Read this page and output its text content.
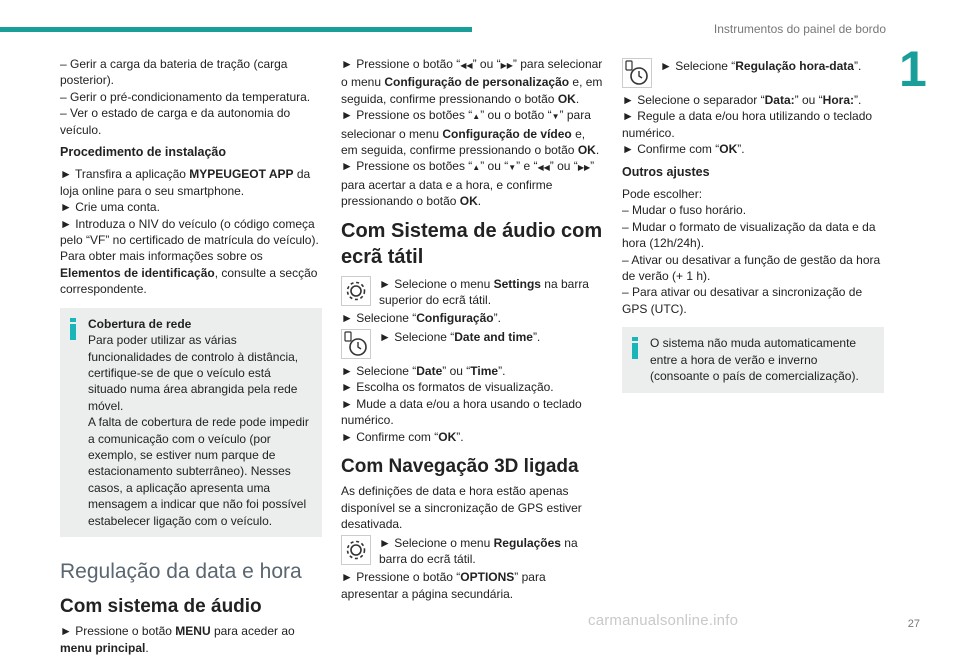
Instrumentos do painel de bordo
1

– Gerir a carga da bateria de tração (carga posterior).

– Gerir o pré-condicionamento da temperatura.

– Ver o estado de carga e da autonomia do veículo.

Procedimento de instalação

► Transfira a aplicação MYPEUGEOT APP da loja online para o seu smartphone.

► Crie uma conta.

► Introduza o NIV do veículo (o código começa pelo “VF” no certificado de matrícula do veículo).

Para obter mais informações sobre os Elementos de identificação, consulte a secção correspondente.

Cobertura de rede
Para poder utilizar as várias funcionalidades de controlo à distância, certifique-se de que o veículo está situado numa área abrangida pela rede móvel.
A falta de cobertura de rede pode impedir a comunicação com o veículo (por exemplo, se estiver num parque de estacionamento subterrâneo). Nesses casos, a aplicação apresenta uma mensagem a indicar que não foi possível estabelecer ligação com o veículo.
Regulação da data e hora
Com sistema de áudio

► Pressione o botão MENU para aceder ao menu principal.

► Pressione o botão “◀◀” ou “▶▶” para selecionar o menu Configuração de personalização e, em seguida, confirme pressionando o botão OK.

► Pressione os botões “▲” ou o botão “▼” para selecionar o menu Configuração de vídeo e, em seguida, confirme pressionando o botão OK.

► Pressione os botões “▲” ou “▼” e “◀◀” ou “▶▶” para acertar a data e a hora, e confirme pressionando o botão OK.

Com Sistema de áudio com ecrã tátil
► Selecione o menu Settings na barra superior do ecrã tátil.

► Selecione “Configuração”.

► Selecione “Date and time”.

► Selecione “Date” ou “Time”.

► Escolha os formatos de visualização.

► Mude a data e/ou a hora usando o teclado numérico.

► Confirme com “OK”.

Com Navegação 3D ligada

As definições de data e hora estão apenas disponível se a sincronização de GPS estiver desativada.

► Selecione o menu Regulações na barra do ecrã tátil.

► Pressione o botão “OPTIONS” para apresentar a página secundária.

► Selecione “Regulação hora-data”.

► Selecione o separador “Data:” ou “Hora:”.

► Regule a data e/ou hora utilizando o teclado numérico.

► Confirme com “OK”.

Outros ajustes

Pode escolher:

– Mudar o fuso horário.

– Mudar o formato de visualização da data e da hora (12h/24h).

– Ativar ou desativar a função de gestão da hora de verão (+ 1 h).

– Para ativar ou desativar a sincronização de GPS (UTC).

O sistema não muda automaticamente entre a hora de verão e inverno (consoante o país de comercialização).
carmanualsonline.info	27
